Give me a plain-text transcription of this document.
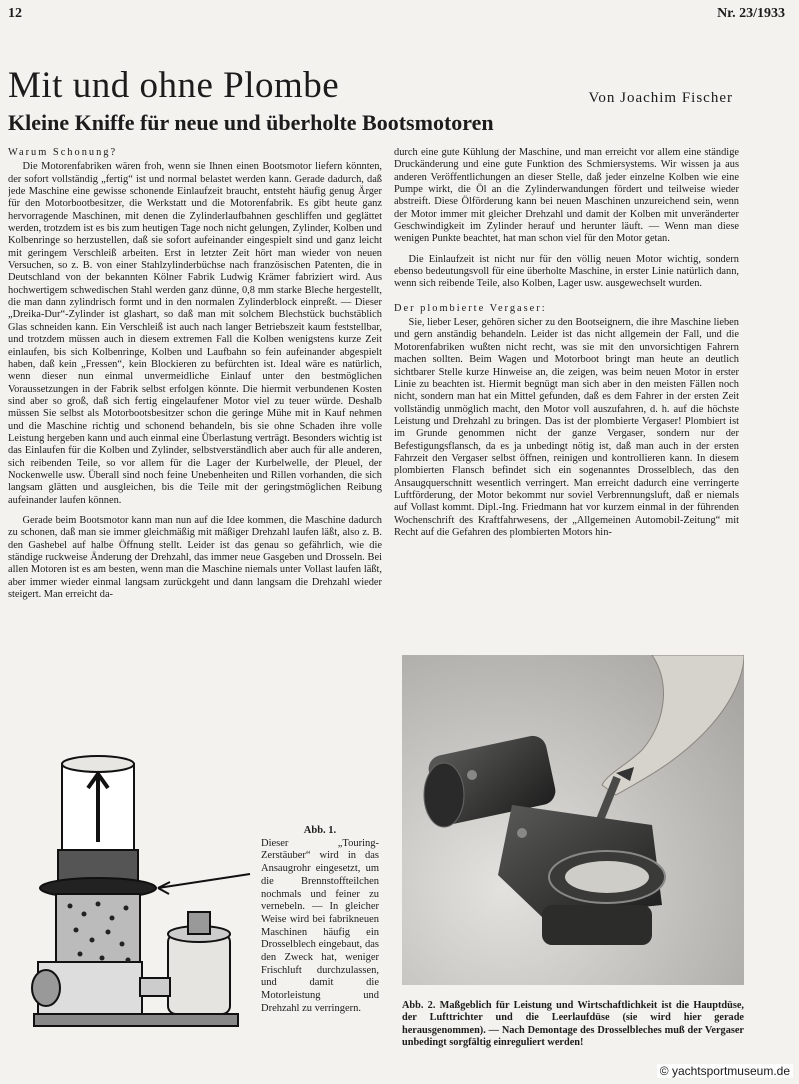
12	Nr. 23/1933
Mit und ohne Plombe	Von Joachim Fischer
Kleine Kniffe für neue und überholte Bootsmotoren
Warum Schonung?

Die Motorenfabriken wären froh, wenn sie Ihnen einen Bootsmotor liefern könnten, der sofort vollständig „fertig“ ist und normal belastet werden kann. Gerade dadurch, daß jede Maschine eine gewisse schonende Einlaufzeit braucht, entsteht häufig genug Ärger für den Motorbootbesitzer, die Werkstatt und die Motorenfabrik. Es gibt heute ganz hervorragende Maschinen, mit denen die Zylinderlaufbahnen geschliffen und geglättet werden, trotzdem ist es bis zum heutigen Tage noch nicht gelungen, Zylinder, Kolben und Kolbenringe so herzustellen, daß sie sofort aufeinander eingespielt sind und ganz leicht mit geringem Verschleiß arbeiten. Erst in letzter Zeit hört man wieder von neuen Versuchen, so z. B. von einer Stahlzylinderbüchse nach französischen Patenten, die in Deutschland von der bekannten Kölner Fabrik Ludwig Krämer fabriziert wird. Aus hochwertigem schwedischen Stahl werden ganz dünne, 0,8 mm starke Bleche hergestellt, die man dann zylindrisch formt und in den normalen Zylinderblock einpreßt. — Dieser „Dreika-Dur“-Zylinder ist glashart, so daß man mit solchem Blechstück buchstäblich Glas schneiden kann. Ein Verschleiß ist auch nach langer Betriebszeit kaum feststellbar, und trotzdem müssen auch in diesem extremen Fall die Kolben wenigstens kurze Zeit einlaufen, bis sich Kolbenringe, Kolben und Laufbahn so fein aufeinander abgespielt haben, daß kein „Fressen“, kein Blockieren zu befürchten ist. Ideal wäre es natürlich, wenn dieser nun einmal unvermeidliche Einlauf unter den bestmöglichen Voraussetzungen in der Fabrik selbst erfolgen könnte. Die hiermit verbundenen Kosten sind aber so groß, daß sich fertig eingelaufener Motor viel zu teuer würde. Deshalb müssen Sie selbst als Motorbootsbesitzer schon die geringe Mühe mit in Kauf nehmen und die Maschine richtig und schonend behandeln, bis sie ohne Schaden ihre volle Leistung hergeben kann und auch einmal eine Überlastung verträgt. Besonders wichtig ist das Einlaufen für die Kolben und Zylinder, selbstverständlich aber auch für alle anderen, sich reibenden Teile, so vor allem für die Lager der Kurbelwelle, der Pleuel, der Nockenwelle usw. Überall sind noch feine Unebenheiten und Rillen vorhanden, die sich langsam glätten und ausgleichen, bis die Teile mit der geringstmöglichen Reibung aufeinander laufen können.

Gerade beim Bootsmotor kann man nun auf die Idee kommen, die Maschine dadurch zu schonen, daß man sie immer gleichmäßig mit mäßiger Drehzahl laufen läßt, also z. B. den Gashebel auf halbe Öffnung stellt. Leider ist das genau so gefährlich, wie die ständige ruckweise Änderung der Drehzahl, das immer neue Gasgeben und Drosseln. Bei allen Motoren ist es am besten, wenn man die Maschine niemals unter Vollast laufen läßt, aber immer wieder einmal langsam zurückgeht und dann langsam die Drehzahl wieder steigert. Man erreicht da-

durch eine gute Kühlung der Maschine, und man erreicht vor allem eine ständige Druckänderung und eine gute Funktion des Schmiersystems. Wir wissen ja aus anderen Veröffentlichungen an dieser Stelle, daß jeder einzelne Kolben wie eine Pumpe wirkt, die Öl an die Zylinderwandungen fördert und teilweise wieder abstreift. Diese Ölförderung kann bei neuen Maschinen unzureichend sein, wenn der Motor immer mit gleicher Drehzahl und damit der Kolben mit unveränderter Geschwindigkeit im Zylinder herauf und herunter läuft. — Wenn man diese wenigen Punkte beachtet, hat man schon viel für den Motor getan.

Die Einlaufzeit ist nicht nur für den völlig neuen Motor wichtig, sondern ebenso bedeutungsvoll für eine überholte Maschine, in erster Linie natürlich dann, wenn sich reibende Teile, also Kolben, Lager usw. ausgewechselt wurden.

Der plombierte Vergaser:

Sie, lieber Leser, gehören sicher zu den Bootseignern, die ihre Maschine lieben und gern anständig behandeln. Leider ist das nicht allgemein der Fall, und die Motorenfabriken wußten nicht recht, was sie mit den unvorsichtigen Fahrern machen sollten. Beim Wagen und Motorboot bringt man heute an deutlich sichtbarer Stelle kurze Hinweise an, die zeigen, was beim neuen Motor in erster Linie zu beachten ist. Hiermit begnügt man sich aber in den meisten Fällen noch nicht, sondern man hat ein Mittel gefunden, daß es dem Fahrer in der ersten Zeit vollständig unmöglich macht, den Motor voll auszufahren, d. h. auf die höchste Leistung und Drehzahl zu bringen. Das ist der plombierte Vergaser! Plombiert ist im Grunde genommen nicht der ganze Vergaser, sondern nur der Befestigungsflansch, da es ja unbedingt nötig ist, daß man auch in der ersten Fahrzeit den Vergaser selbst öffnen, reinigen und kontrollieren kann. In diesem plombierten Flansch befindet sich ein sogenanntes Drosselblech, das den Ansaugquerschnitt wesentlich verringert. Man erreicht dadurch eine verringerte Luftförderung, der Motor bekommt nur soviel Verbrennungsluft, daß er niemals auf Vollast kommt. Dipl.-Ing. Friedmann hat vor kurzem einmal in der führenden Wochenschrift des Kraftfahrwesens, der „Allgemeinen Automobil-Zeitung“ mit Recht auf die Gefahren des plombierten Motors hin-

Abb. 1.
Dieser „Touring-Zerstäuber“ wird in das Ansaugrohr eingesetzt, um die Brennstoffteilchen nochmals und feiner zu vernebeln. — In gleicher Weise wird bei fabrikneuen Maschinen häufig ein Drosselblech eingebaut, das den Zweck hat, weniger Frischluft durchzulassen, und damit die Motorleistung und Drehzahl zu verringern.	Abb. 2. Maßgeblich für Leistung und Wirtschaftlichkeit ist die Hauptdüse, der Lufttrichter und die Leerlaufdüse (sie wird hier gerade herausgenommen). — Nach Demontage des Drosselbleches muß der Vergaser unbedingt sorgfältig einreguliert werden!
© yachtsportmuseum.de
